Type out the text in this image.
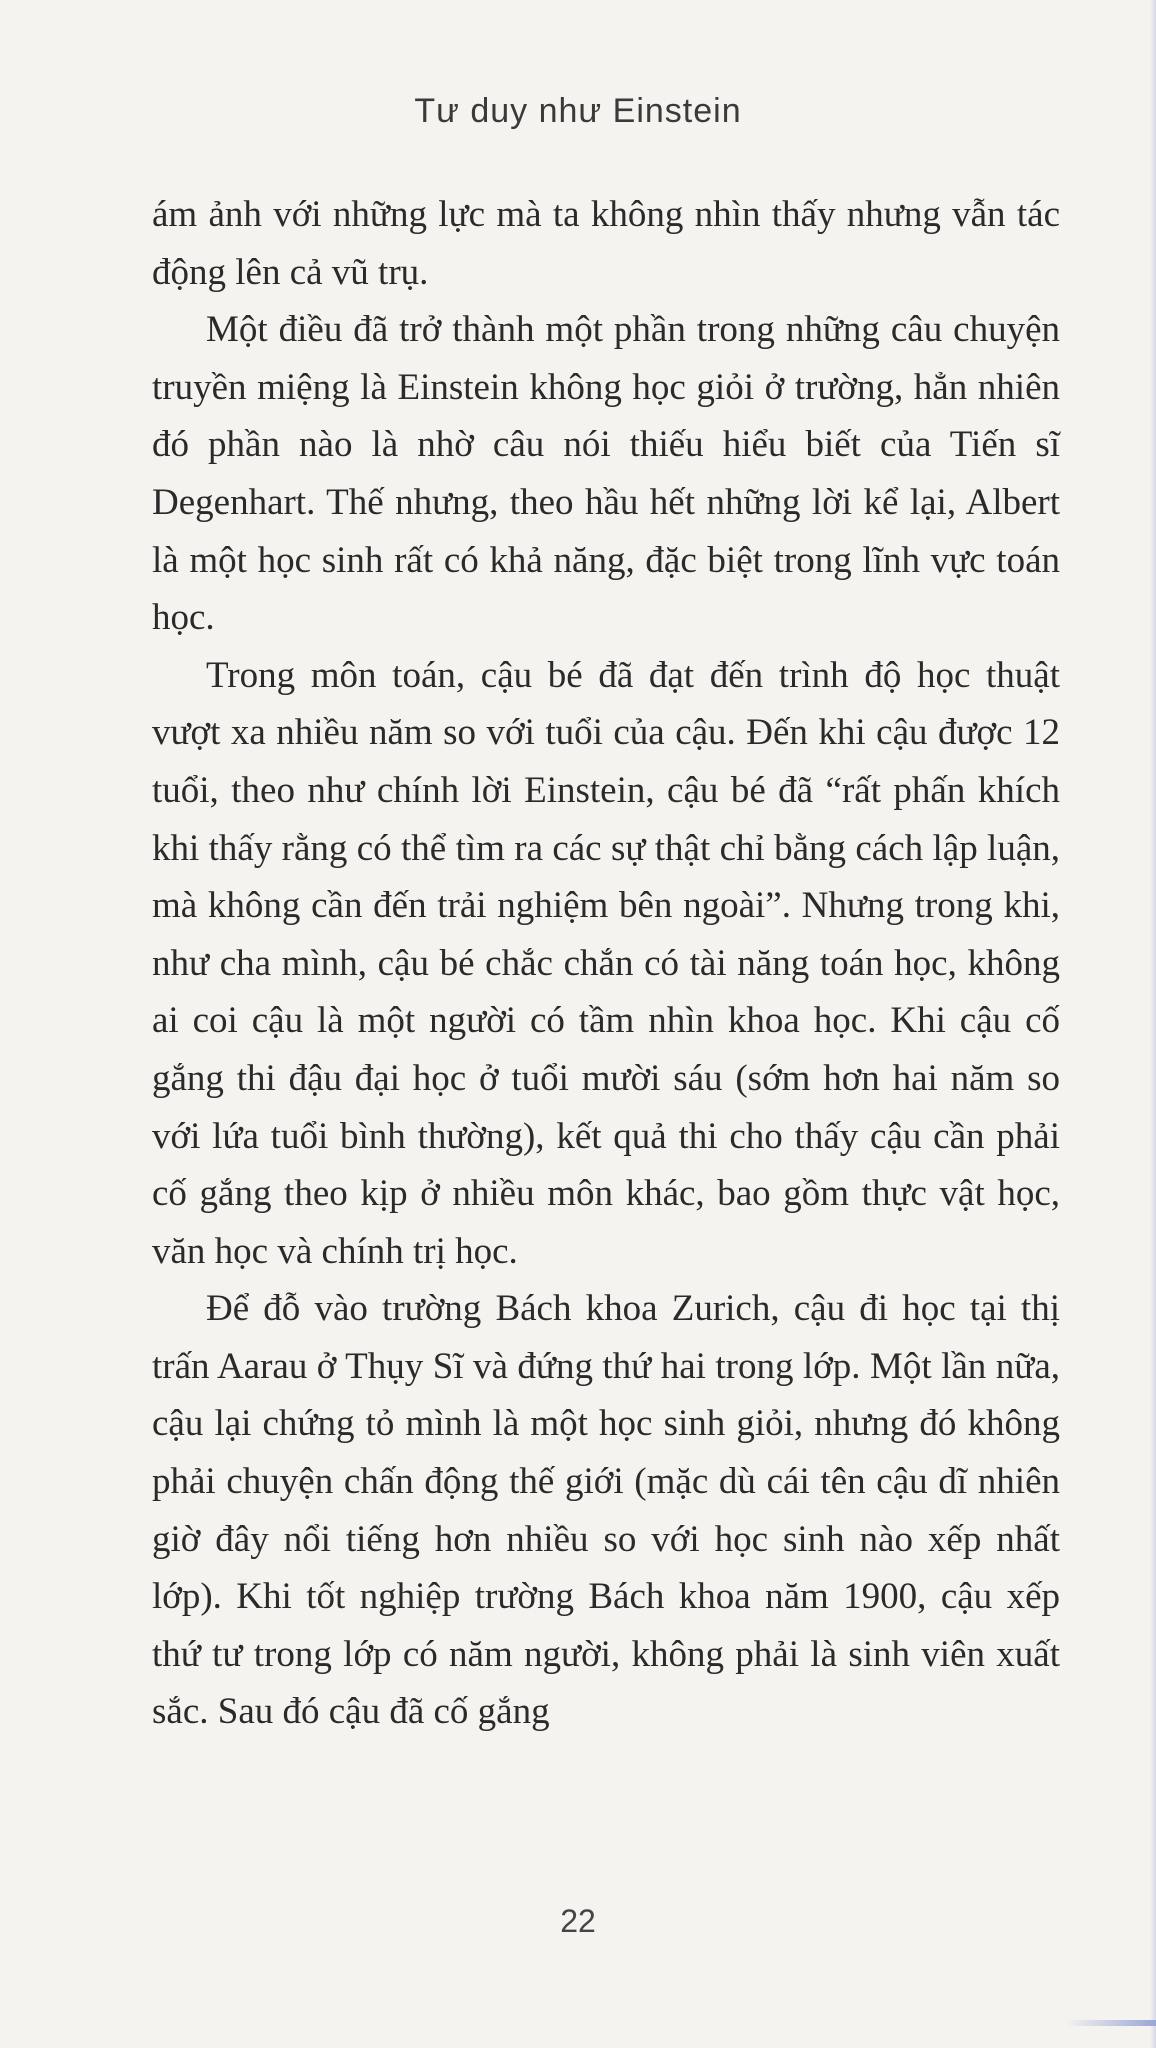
Tư duy như Einstein

ám ảnh với những lực mà ta không nhìn thấy nhưng vẫn tác động lên cả vũ trụ.

Một điều đã trở thành một phần trong những câu chuyện truyền miệng là Einstein không học giỏi ở trường, hẳn nhiên đó phần nào là nhờ câu nói thiếu hiểu biết của Tiến sĩ Degenhart. Thế nhưng, theo hầu hết những lời kể lại, Albert là một học sinh rất có khả năng, đặc biệt trong lĩnh vực toán học.

Trong môn toán, cậu bé đã đạt đến trình độ học thuật vượt xa nhiều năm so với tuổi của cậu. Đến khi cậu được 12 tuổi, theo như chính lời Einstein, cậu bé đã “rất phấn khích khi thấy rằng có thể tìm ra các sự thật chỉ bằng cách lập luận, mà không cần đến trải nghiệm bên ngoài”. Nhưng trong khi, như cha mình, cậu bé chắc chắn có tài năng toán học, không ai coi cậu là một người có tầm nhìn khoa học. Khi cậu cố gắng thi đậu đại học ở tuổi mười sáu (sớm hơn hai năm so với lứa tuổi bình thường), kết quả thi cho thấy cậu cần phải cố gắng theo kịp ở nhiều môn khác, bao gồm thực vật học, văn học và chính trị học.

Để đỗ vào trường Bách khoa Zurich, cậu đi học tại thị trấn Aarau ở Thụy Sĩ và đứng thứ hai trong lớp. Một lần nữa, cậu lại chứng tỏ mình là một học sinh giỏi, nhưng đó không phải chuyện chấn động thế giới (mặc dù cái tên cậu dĩ nhiên giờ đây nổi tiếng hơn nhiều so với học sinh nào xếp nhất lớp). Khi tốt nghiệp trường Bách khoa năm 1900, cậu xếp thứ tư trong lớp có năm người, không phải là sinh viên xuất sắc. Sau đó cậu đã cố gắng

22
